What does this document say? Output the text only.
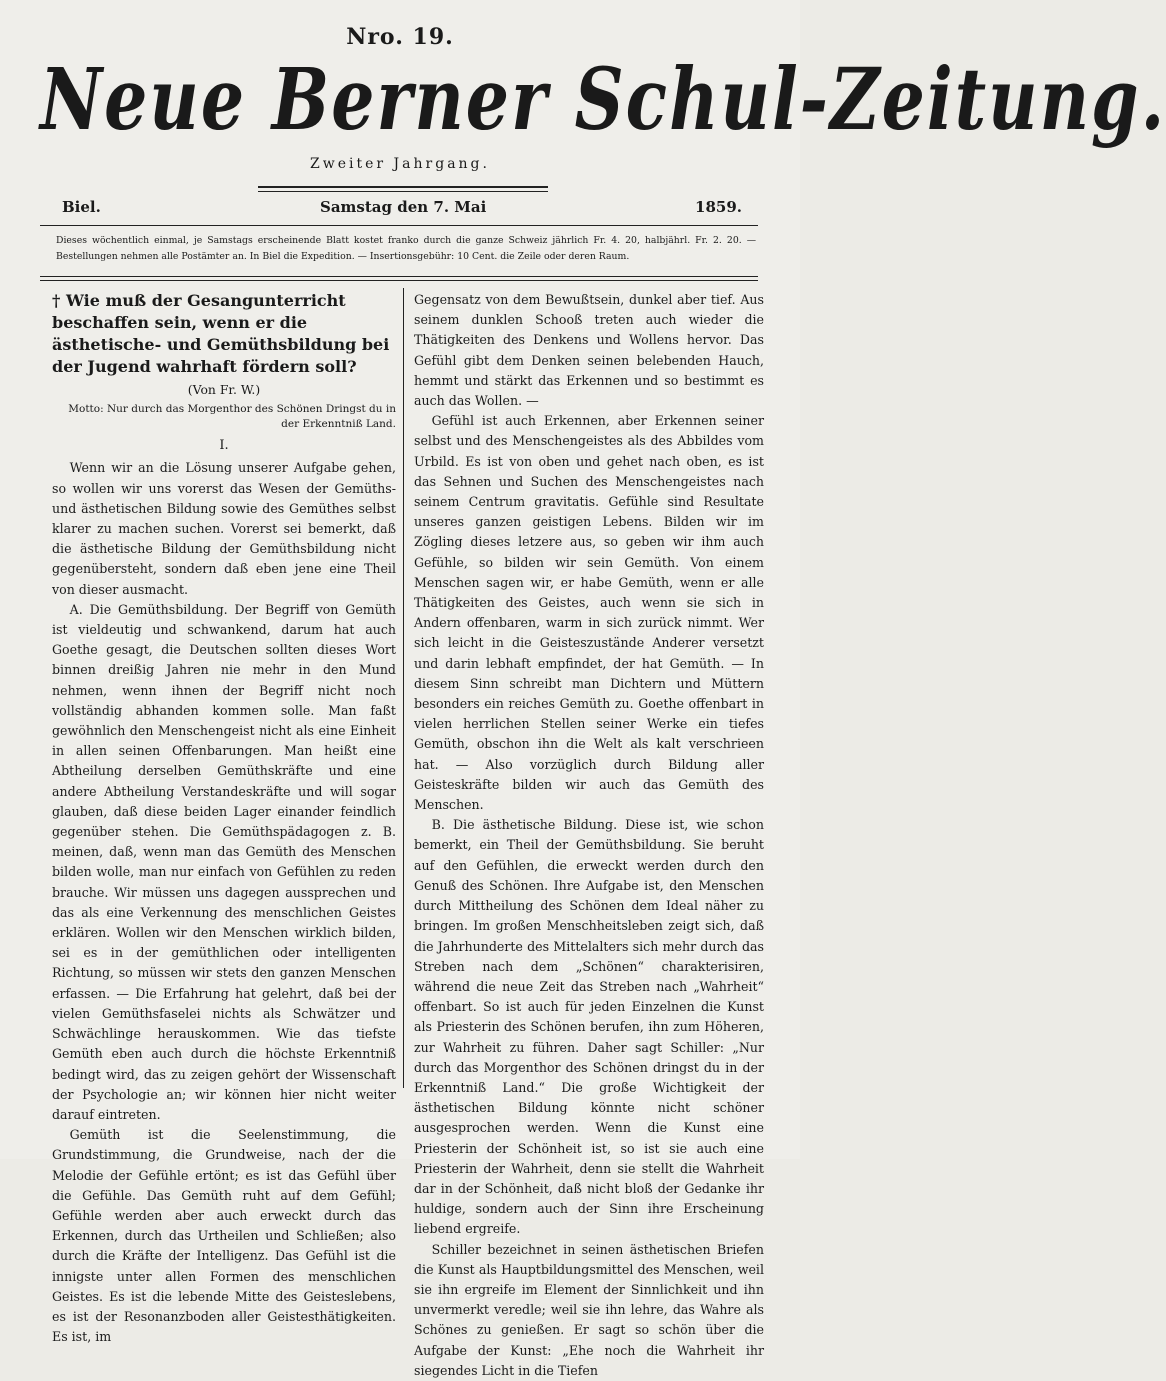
Nro. 19.
Neue Berner Schul-Zeitung.
Zweiter Jahrgang.
Biel.	Samstag den 7. Mai	1859.
Dieses wöchentlich einmal, je Samstags erscheinende Blatt kostet franko durch die ganze Schweiz jährlich Fr. 4. 20, halbjährl. Fr. 2. 20. — Bestellungen nehmen alle Postämter an. In Biel die Expedition. — Insertionsgebühr: 10 Cent. die Zeile oder deren Raum.
† Wie muß der Gesangunterricht beschaffen sein, wenn er die ästhetische- und Gemüthsbildung bei der Jugend wahrhaft fördern soll?
(Von Fr. W.)
Motto: Nur durch das Morgenthor des Schönen Dringst du in der Erkenntniß Land.
I.

Wenn wir an die Lösung unserer Aufgabe gehen, so wollen wir uns vorerst das Wesen der Gemüths- und ästhetischen Bildung sowie des Gemüthes selbst klarer zu machen suchen. Vorerst sei bemerkt, daß die ästhetische Bildung der Gemüthsbildung nicht gegenübersteht, sondern daß eben jene eine Theil von dieser ausmacht.

A. Die Gemüthsbildung. Der Begriff von Gemüth ist vieldeutig und schwankend, darum hat auch Goethe gesagt, die Deutschen sollten dieses Wort binnen dreißig Jahren nie mehr in den Mund nehmen, wenn ihnen der Begriff nicht noch vollständig abhanden kommen solle. Man faßt gewöhnlich den Menschengeist nicht als eine Einheit in allen seinen Offenbarungen. Man heißt eine Abtheilung derselben Gemüthskräfte und eine andere Abtheilung Verstandeskräfte und will sogar glauben, daß diese beiden Lager einander feindlich gegenüber stehen. Die Gemüthspädagogen z. B. meinen, daß, wenn man das Gemüth des Menschen bilden wolle, man nur einfach von Gefühlen zu reden brauche. Wir müssen uns dagegen aussprechen und das als eine Verkennung des menschlichen Geistes erklären. Wollen wir den Menschen wirklich bilden, sei es in der gemüthlichen oder intelligenten Richtung, so müssen wir stets den ganzen Menschen erfassen. — Die Erfahrung hat gelehrt, daß bei der vielen Gemüthsfaselei nichts als Schwätzer und Schwächlinge herauskommen. Wie das tiefste Gemüth eben auch durch die höchste Erkenntniß bedingt wird, das zu zeigen gehört der Wissenschaft der Psychologie an; wir können hier nicht weiter darauf eintreten.

Gemüth ist die Seelenstimmung, die Grundstimmung, die Grundweise, nach der die Melodie der Gefühle ertönt; es ist das Gefühl über die Gefühle. Das Gemüth ruht auf dem Gefühl; Gefühle werden aber auch erweckt durch das Erkennen, durch das Urtheilen und Schließen; also durch die Kräfte der Intelligenz. Das Gefühl ist die innigste unter allen Formen des menschlichen Geistes. Es ist die lebende Mitte des Geisteslebens, es ist der Resonanzboden aller Geistesthätigkeiten. Es ist, im

Gegensatz von dem Bewußtsein, dunkel aber tief. Aus seinem dunklen Schooß treten auch wieder die Thätigkeiten des Denkens und Wollens hervor. Das Gefühl gibt dem Denken seinen belebenden Hauch, hemmt und stärkt das Erkennen und so bestimmt es auch das Wollen. —

Gefühl ist auch Erkennen, aber Erkennen seiner selbst und des Menschengeistes als des Abbildes vom Urbild. Es ist von oben und gehet nach oben, es ist das Sehnen und Suchen des Menschengeistes nach seinem Centrum gravitatis. Gefühle sind Resultate unseres ganzen geistigen Lebens. Bilden wir im Zögling dieses letzere aus, so geben wir ihm auch Gefühle, so bilden wir sein Gemüth. Von einem Menschen sagen wir, er habe Gemüth, wenn er alle Thätigkeiten des Geistes, auch wenn sie sich in Andern offenbaren, warm in sich zurück nimmt. Wer sich leicht in die Geisteszustände Anderer versetzt und darin lebhaft empfindet, der hat Gemüth. — In diesem Sinn schreibt man Dichtern und Müttern besonders ein reiches Gemüth zu. Goethe offenbart in vielen herrlichen Stellen seiner Werke ein tiefes Gemüth, obschon ihn die Welt als kalt verschrieen hat. — Also vorzüglich durch Bildung aller Geisteskräfte bilden wir auch das Gemüth des Menschen.

B. Die ästhetische Bildung. Diese ist, wie schon bemerkt, ein Theil der Gemüthsbildung. Sie beruht auf den Gefühlen, die erweckt werden durch den Genuß des Schönen. Ihre Aufgabe ist, den Menschen durch Mittheilung des Schönen dem Ideal näher zu bringen. Im großen Menschheitsleben zeigt sich, daß die Jahrhunderte des Mittelalters sich mehr durch das Streben nach dem „Schönen“ charakterisiren, während die neue Zeit das Streben nach „Wahrheit“ offenbart. So ist auch für jeden Einzelnen die Kunst als Priesterin des Schönen berufen, ihn zum Höheren, zur Wahrheit zu führen. Daher sagt Schiller: „Nur durch das Morgenthor des Schönen dringst du in der Erkenntniß Land.“ Die große Wichtigkeit der ästhetischen Bildung könnte nicht schöner ausgesprochen werden. Wenn die Kunst eine Priesterin der Schönheit ist, so ist sie auch eine Priesterin der Wahrheit, denn sie stellt die Wahrheit dar in der Schönheit, daß nicht bloß der Gedanke ihr huldige, sondern auch der Sinn ihre Erscheinung liebend ergreife.

Schiller bezeichnet in seinen ästhetischen Briefen die Kunst als Hauptbildungsmittel des Menschen, weil sie ihn ergreife im Element der Sinnlichkeit und ihn unvermerkt veredle; weil sie ihn lehre, das Wahre als Schönes zu genießen. Er sagt so schön über die Aufgabe der Kunst: „Ehe noch die Wahrheit ihr siegendes Licht in die Tiefen
